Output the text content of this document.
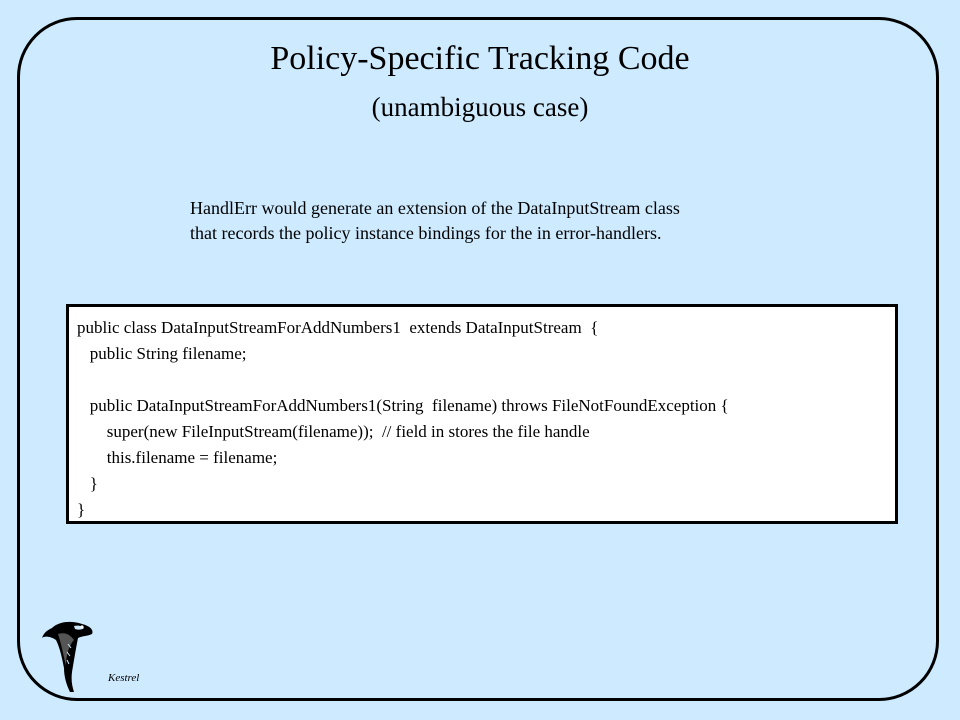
Policy-Specific Tracking Code
(unambiguous case)
HandlErr would generate an extension of the DataInputStream class
that records the policy instance bindings for the in error-handlers.
public class DataInputStreamForAddNumbers1  extends DataInputStream  {
public String filename;
public DataInputStreamForAddNumbers1(String  filename) throws FileNotFoundException {
super(new FileInputStream(filename));  // field in stores the file handle
this.filename = filename;
}
}
Kestrel
